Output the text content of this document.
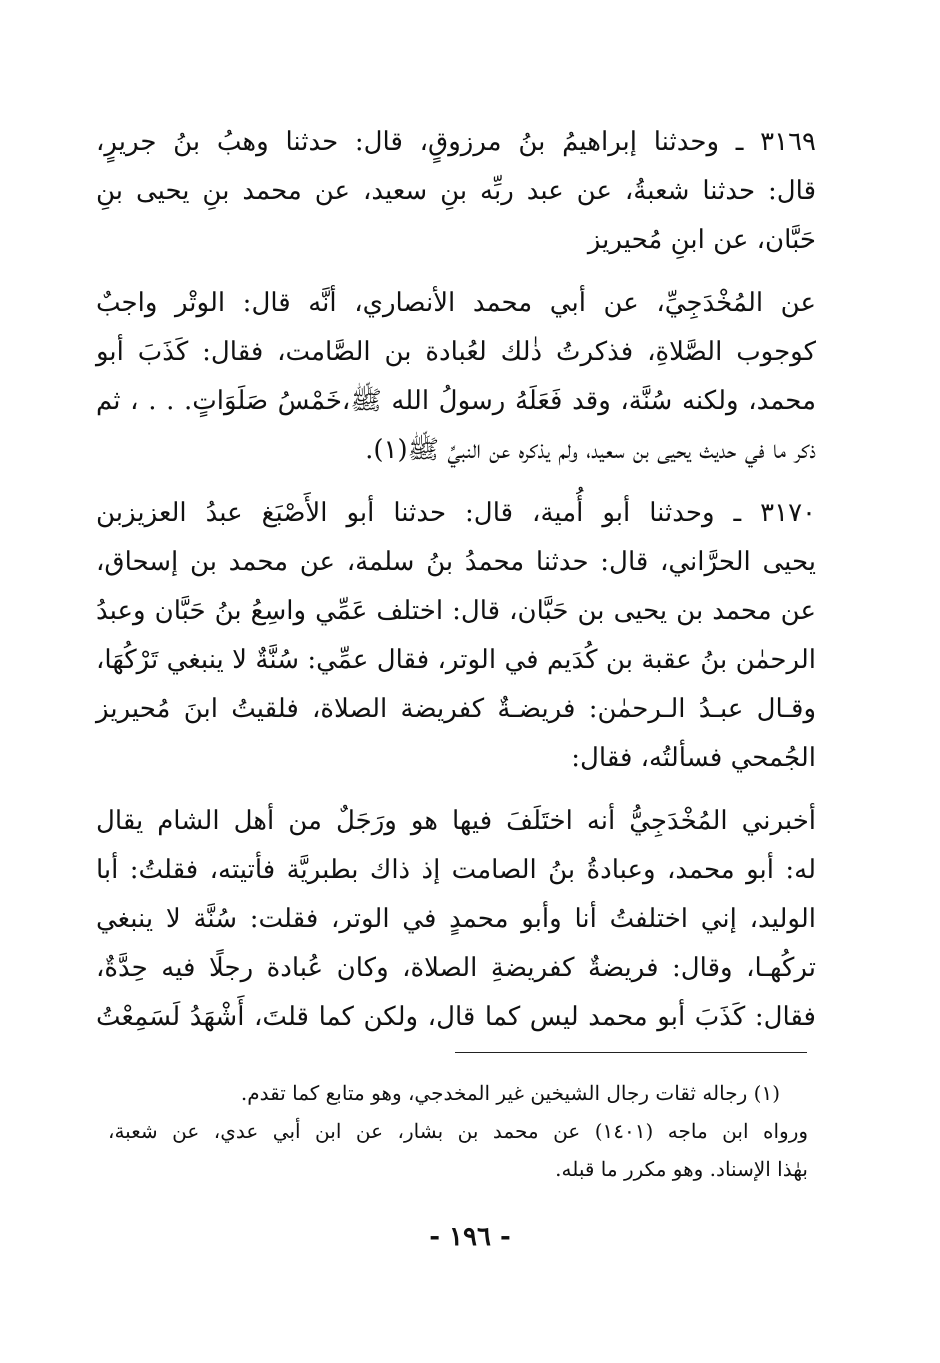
٣١٦٩ ـ وحدثنا إبراهيمُ بنُ مرزوقٍ، قال: حدثنا وهبُ بنُ جريرٍ،
قال: حدثنا شعبةُ، عن عبد ربِّه بنِ سعيد، عن محمد بنِ يحيى بنِ
حَبَّان، عن ابنِ مُحيريز
عن المُخْدَجِيِّ، عن أبي محمد الأنصاري، أنَّه قال: الوتْر واجبٌ
كوجوب الصَّلاةِ، فذكرتُ ذٰلك لعُبادة بن الصَّامت، فقال: كَذَبَ أبو
محمد، ولكنه سُنَّة، وقد فَعَلَهُ رسولُ الله ﷺ،خَمْسُ صَلَوَاتٍ. . . ، ثم
ذكر ما في حديث يحيى بن سعيد، ولم يذكره عن النبيِّ ﷺ(١).
٣١٧٠ ـ وحدثنا أبو أُمية، قال: حدثنا أبو الأَصْبَغ عبدُ العزيزبن
يحيى الحرَّاني، قال: حدثنا محمدُ بنُ سلمة، عن محمد بن إسحاق،
عن محمد بن يحيى بن حَبَّان، قال: اختلف عَمِّي واسِعُ بنُ حَبَّان وعبدُ
الرحمٰن بنُ عقبة بن كُدَيم في الوتر، فقال عمِّي: سُنَّةٌ لا ينبغي تَرْكُهَا،
وقـال عبـدُ الـرحمٰن: فريضـةٌ كفريضة الصلاة، فلقيتُ ابنَ مُحيريز
الجُمحي فسألتُه، فقال:
أخبرني المُخْدَجِيُّ أنه اختَلَفَ فيها هو ورَجَلٌ من أهل الشام يقال
له: أبو محمد، وعبادةُ بنُ الصامت إذ ذاك بطبريَّة فأتيته، فقلتُ: أبا
الوليد، إني اختلفتُ أنا وأبو محمدٍ في الوتر، فقلت: سُنَّة لا ينبغي
تركُهـا، وقال: فريضةٌ كفريضةِ الصلاة، وكان عُبادة رجلًا فيه حِدَّةٌ،
فقال: كَذَبَ أبو محمد ليس كما قال، ولكن كما قلتَ، أَشْهَدُ لَسَمِعْتُ
(١) رجاله ثقات رجال الشيخين غير المخدجي، وهو متابع كما تقدم.
ورواه ابن ماجه (١٤٠١) عن محمد بن بشار، عن ابن أبي عدي، عن شعبة،
بهٰذا الإسناد. وهو مكرر ما قبله.
- ١٩٦ -
